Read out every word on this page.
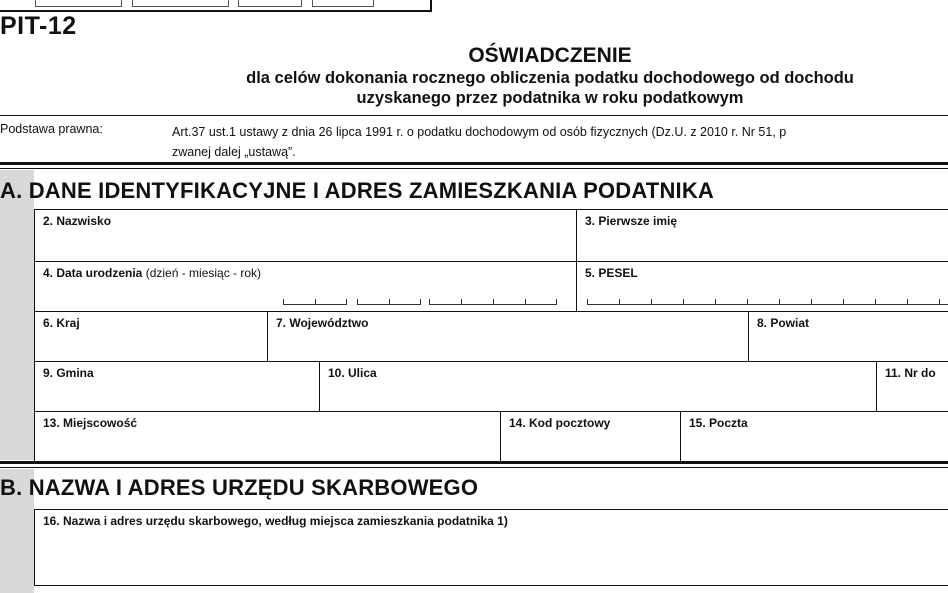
PIT-12
OŚWIADCZENIE
dla celów dokonania rocznego obliczenia podatku dochodowego od dochodu
uzyskanego przez podatnika w roku podatkowym
Podstawa prawna:	Art.37 ust.1 ustawy z dnia 26 lipca 1991 r. o podatku dochodowym od osób fizycznych (Dz.U. z 2010 r. Nr 51, p
zwanej dalej „ustawą”.
A. DANE IDENTYFIKACYJNE I ADRES ZAMIESZKANIA PODATNIKA
2. Nazwisko	3. Pierwsze imię
4. Data urodzenia (dzień - miesiąc - rok)	5. PESEL
6. Kraj	7. Województwo	8. Powiat
9. Gmina	10. Ulica	11. Nr do
13. Miejscowość	14. Kod pocztowy	15. Poczta
B. NAZWA I ADRES URZĘDU SKARBOWEGO
16. Nazwa i adres urzędu skarbowego, według miejsca zamieszkania podatnika 1)
